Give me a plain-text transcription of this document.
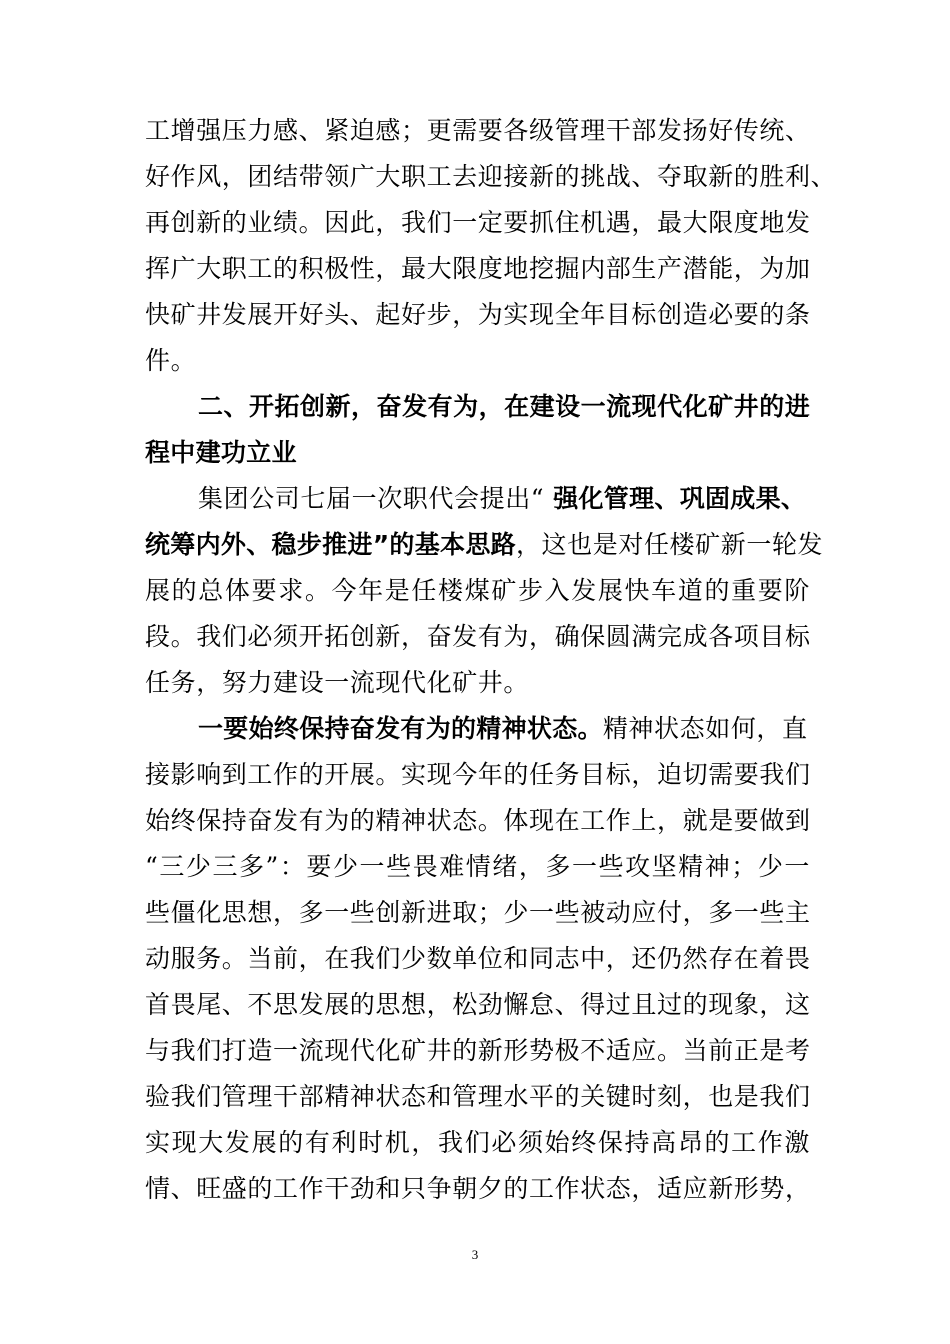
工增强压力感、紧迫感；更需要各级管理干部发扬好传统、
好作风，团结带领广大职工去迎接新的挑战、夺取新的胜利、
再创新的业绩。因此，我们一定要抓住机遇，最大限度地发
挥广大职工的积极性，最大限度地挖掘内部生产潜能，为加
快矿井发展开好头、起好步，为实现全年目标创造必要的条
件。
二、开拓创新，奋发有为，在建设一流现代化矿井的进
程中建功立业
集团公司七届一次职代会提出“ 强化管理、巩固成果、
统筹内外、稳步推进”的基本思路，这也是对任楼矿新一轮发
展的总体要求。今年是任楼煤矿步入发展快车道的重要阶
段。我们必须开拓创新，奋发有为，确保圆满完成各项目标
任务，努力建设一流现代化矿井。
一要始终保持奋发有为的精神状态。精神状态如何，直
接影响到工作的开展。实现今年的任务目标，迫切需要我们
始终保持奋发有为的精神状态。体现在工作上，就是要做到
“三少三多”：要少一些畏难情绪，多一些攻坚精神；少一
些僵化思想，多一些创新进取；少一些被动应付，多一些主
动服务。当前，在我们少数单位和同志中，还仍然存在着畏
首畏尾、不思发展的思想，松劲懈怠、得过且过的现象，这
与我们打造一流现代化矿井的新形势极不适应。当前正是考
验我们管理干部精神状态和管理水平的关键时刻，也是我们
实现大发展的有利时机，我们必须始终保持高昂的工作激
情、旺盛的工作干劲和只争朝夕的工作状态，适应新形势，
3
